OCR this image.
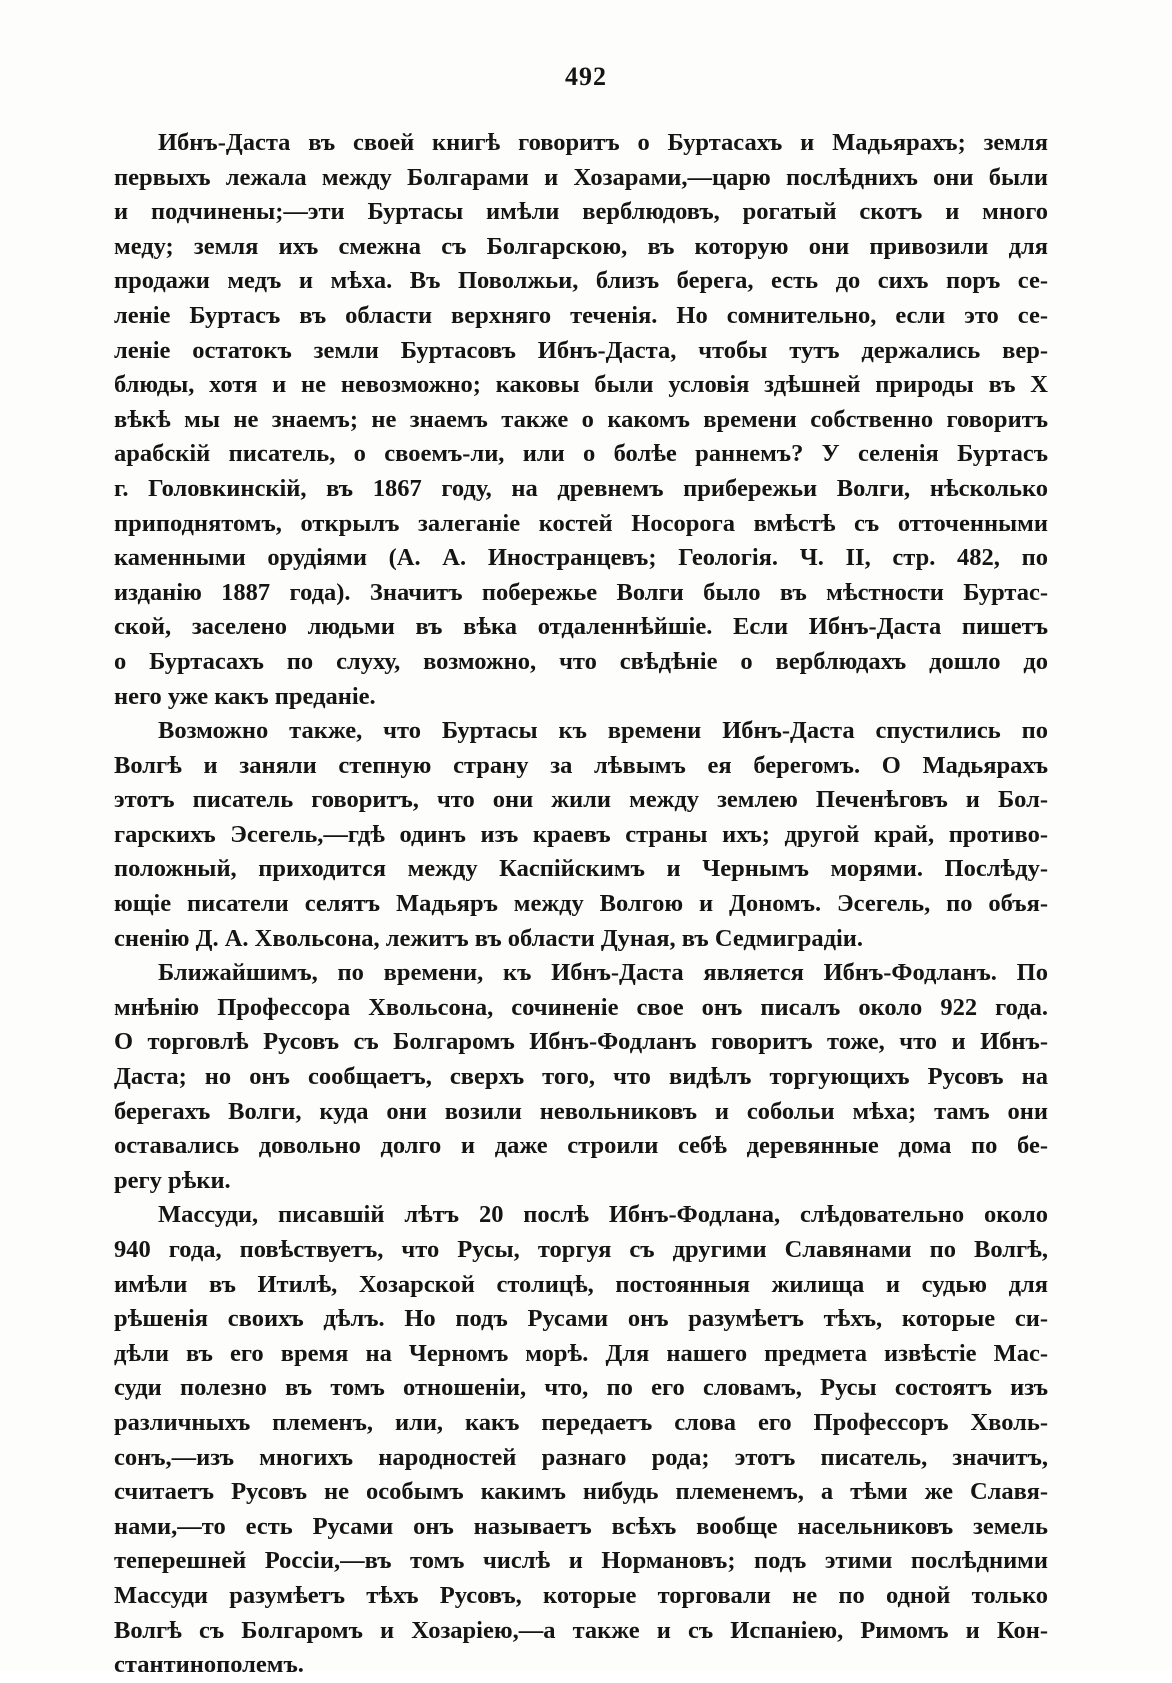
492
Ибнъ-Даста въ своей книгѣ говоритъ о Буртасахъ и Мадьярахъ; земля
первыхъ лежала между Болгарами и Хозарами,—царю послѣднихъ они были
и подчинены;—эти Буртасы имѣли верблюдовъ, рогатый скотъ и много
меду; земля ихъ смежна съ Болгарскою, въ которую они привозили для
продажи медъ и мѣха. Въ Поволжьи, близъ берега, есть до сихъ поръ се-
леніе Буртасъ въ области верхняго теченія. Но сомнительно, если это се-
леніе остатокъ земли Буртасовъ Ибнъ-Даста, чтобы тутъ держались вер-
блюды, хотя и не невозможно; каковы были условія здѣшней природы въ X
вѣкѣ мы не знаемъ; не знаемъ также о какомъ времени собственно говоритъ
арабскій писатель, о своемъ-ли, или о болѣе раннемъ? У селенія Буртасъ
г. Головкинскій, въ 1867 году, на древнемъ прибережьи Волги, нѣсколько
приподнятомъ, открылъ залеганіе костей Носорога вмѣстѣ съ отточенными
каменными орудіями (А. А. Иностранцевъ; Геологія. Ч. II, стр. 482, по
изданію 1887 года). Значитъ побережье Волги было въ мѣстности Буртас-
ской, заселено людьми въ вѣка отдаленнѣйшіе. Если Ибнъ-Даста пишетъ
о Буртасахъ по слуху, возможно, что свѣдѣніе о верблюдахъ дошло до
него уже какъ преданіе.
Возможно также, что Буртасы къ времени Ибнъ-Даста спустились по
Волгѣ и заняли степную страну за лѣвымъ ея берегомъ. О Мадьярахъ
этотъ писатель говоритъ, что они жили между землею Печенѣговъ и Бол-
гарскихъ Эсегель,—гдѣ одинъ изъ краевъ страны ихъ; другой край, противо-
положный, приходится между Каспійскимъ и Чернымъ морями. Послѣду-
ющіе писатели селятъ Мадьяръ между Волгою и Дономъ. Эсегель, по объя-
сненію Д. А. Хвольсона, лежитъ въ области Дуная, въ Седмиградіи.
Ближайшимъ, по времени, къ Ибнъ-Даста является Ибнъ-Фодланъ. По
мнѣнію Профессора Хвольсона, сочиненіе свое онъ писалъ около 922 года.
О торговлѣ Русовъ съ Болгаромъ Ибнъ-Фодланъ говоритъ тоже, что и Ибнъ-
Даста; но онъ сообщаетъ, сверхъ того, что видѣлъ торгующихъ Русовъ на
берегахъ Волги, куда они возили невольниковъ и собольи мѣха; тамъ они
оставались довольно долго и даже строили себѣ деревянные дома по бе-
регу рѣки.
Массуди, писавшій лѣтъ 20 послѣ Ибнъ-Фодлана, слѣдовательно около
940 года, повѣствуетъ, что Русы, торгуя съ другими Славянами по Волгѣ,
имѣли въ Итилѣ, Хозарской столицѣ, постоянныя жилища и судью для
рѣшенія своихъ дѣлъ. Но подъ Русами онъ разумѣетъ тѣхъ, которые си-
дѣли въ его время на Черномъ морѣ. Для нашего предмета извѣстіе Мас-
суди полезно въ томъ отношеніи, что, по его словамъ, Русы состоятъ изъ
различныхъ племенъ, или, какъ передаетъ слова его Профессоръ Хволь-
сонъ,—изъ многихъ народностей разнаго рода; этотъ писатель, значитъ,
считаетъ Русовъ не особымъ какимъ нибудь племенемъ, а тѣми же Славя-
нами,—то есть Русами онъ называетъ всѣхъ вообще насельниковъ земель
теперешней Россіи,—въ томъ числѣ и Нормановъ; подъ этими послѣдними
Массуди разумѣетъ тѣхъ Русовъ, которые торговали не по одной только
Волгѣ съ Болгаромъ и Хозаріею,—а также и съ Испаніею, Римомъ и Кон-
стантинополемъ.
